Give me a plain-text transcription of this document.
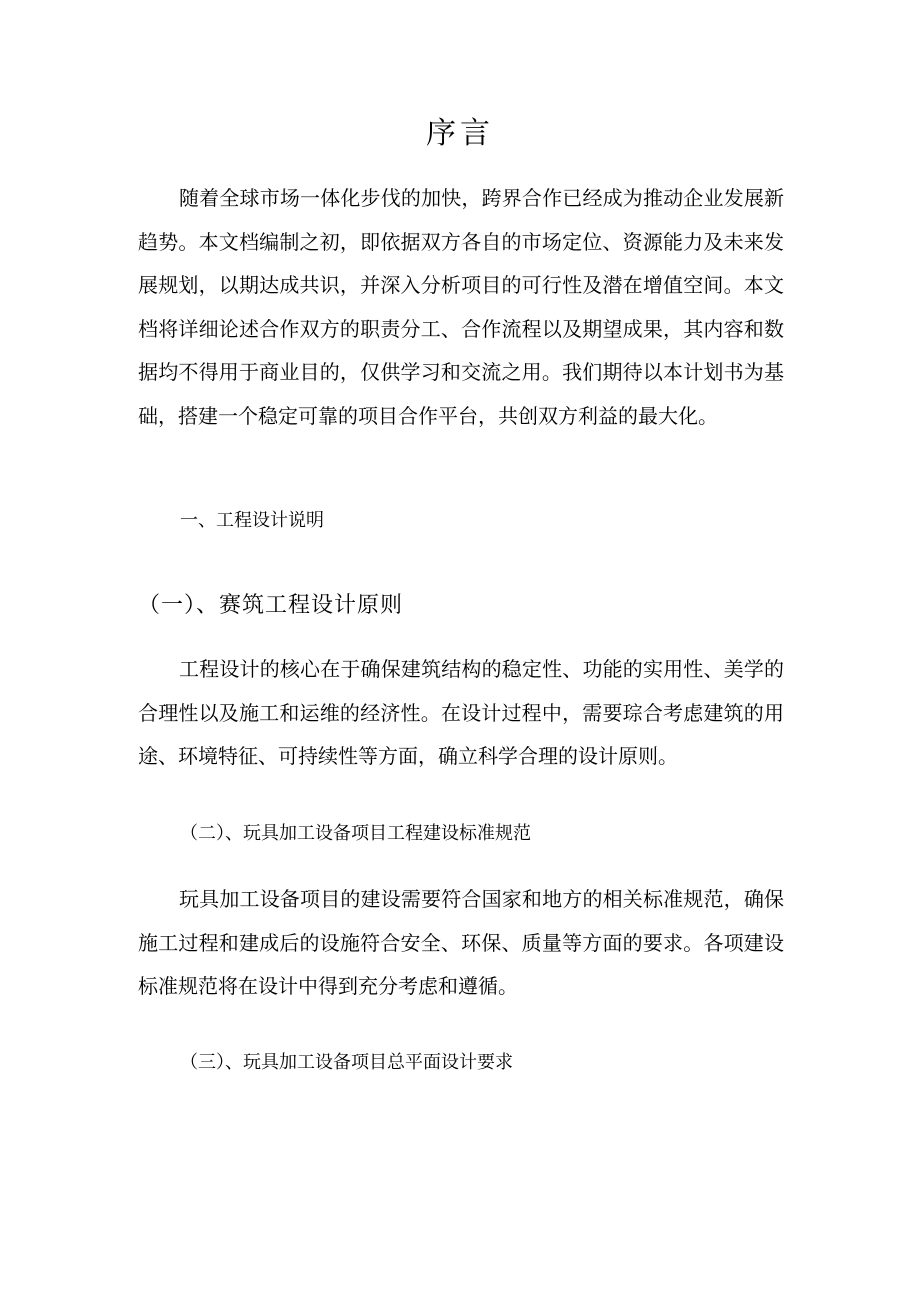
序言

随着全球市场一体化步伐的加快，跨界合作已经成为推动企业发展新趋势。本文档编制之初，即依据双方各自的市场定位、资源能力及未来发展规划，以期达成共识，并深入分析项目的可行性及潜在增值空间。本文档将详细论述合作双方的职责分工、合作流程以及期望成果，其内容和数据均不得用于商业目的，仅供学习和交流之用。我们期待以本计划书为基础，搭建一个稳定可靠的项目合作平台，共创双方利益的最大化。

一、工程设计说明
（一）、赛筑工程设计原则

工程设计的核心在于确保建筑结构的稳定性、功能的实用性、美学的合理性以及施工和运维的经济性。在设计过程中，需要琮合考虑建筑的用途、环境特征、可持续性等方面，确立科学合理的设计原则。

（二）、玩具加工设备项目工程建设标准规范

玩具加工设备项目的建设需要符合国家和地方的相关标准规范，确保施工过程和建成后的设施符合安全、环保、质量等方面的要求。各项建设标准规范将在设计中得到充分考虑和遵循。

（三）、玩具加工设备项目总平面设计要求
